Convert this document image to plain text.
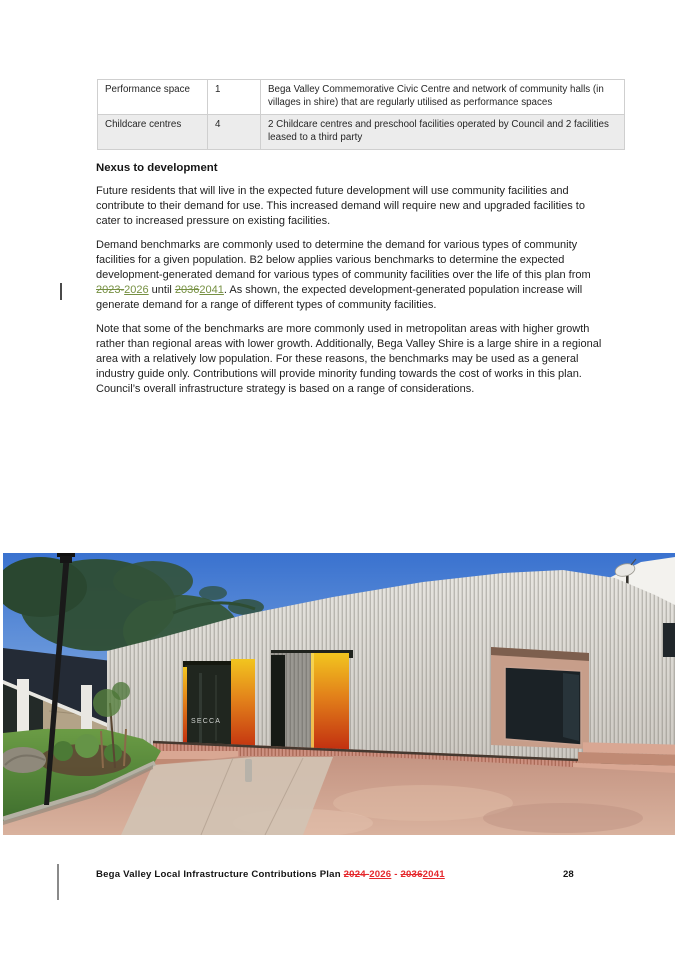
Performance space	1	Bega Valley Commemorative Civic Centre and network of community halls (in villages in shire) that are regularly utilised as performance spaces
Childcare centres	4	2 Childcare centres and preschool facilities operated by Council and 2 facilities leased to a third party
Nexus to development

Future residents that will live in the expected future development will use community facilities and contribute to their demand for use. This increased demand will require new and upgraded facilities to cater to increased pressure on existing facilities.

Demand benchmarks are commonly used to determine the demand for various types of community facilities for a given population. B2 below applies various benchmarks to determine the expected development-generated demand for various types of community facilities over the life of this plan from 2023-2026 until 20362041. As shown, the expected development-generated population increase will generate demand for a range of different types of community facilities.

Note that some of the benchmarks are more commonly used in metropolitan areas with higher growth rather than regional areas with lower growth. Additionally, Bega Valley Shire is a large shire in a regional area with a relatively low population. For these reasons, the benchmarks may be used as a general industry guide only. Contributions will provide minority funding towards the cost of works in this plan. Council’s overall infrastructure strategy is based on a range of considerations.

SECCA
Bega Valley Local Infrastructure Contributions Plan 2024-2026 - 20362041	28
